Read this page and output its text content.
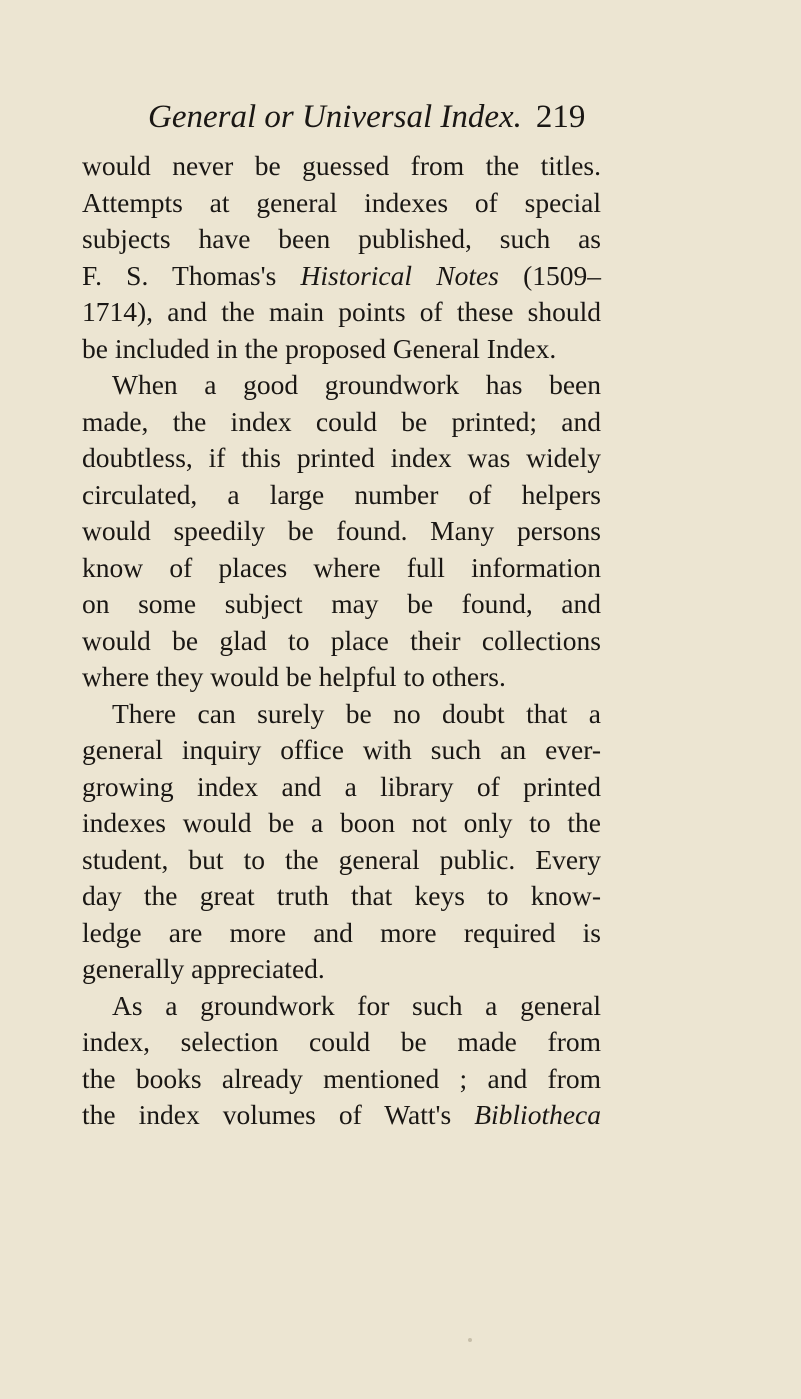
General or Universal Index. 219
would never be guessed from the titles.
Attempts at general indexes of special
subjects have been published, such as
F. S. Thomas's Historical Notes (1509–
1714), and the main points of these should
be included in the proposed General Index.
When a good groundwork has been
made, the index could be printed; and
doubtless, if this printed index was widely
circulated, a large number of helpers
would speedily be found. Many persons
know of places where full information
on some subject may be found, and
would be glad to place their collections
where they would be helpful to others.
There can surely be no doubt that a
general inquiry office with such an ever-
growing index and a library of printed
indexes would be a boon not only to the
student, but to the general public. Every
day the great truth that keys to know-
ledge are more and more required is
generally appreciated.
As a groundwork for such a general
index, selection could be made from
the books already mentioned ; and from
the index volumes of Watt's Bibliotheca
